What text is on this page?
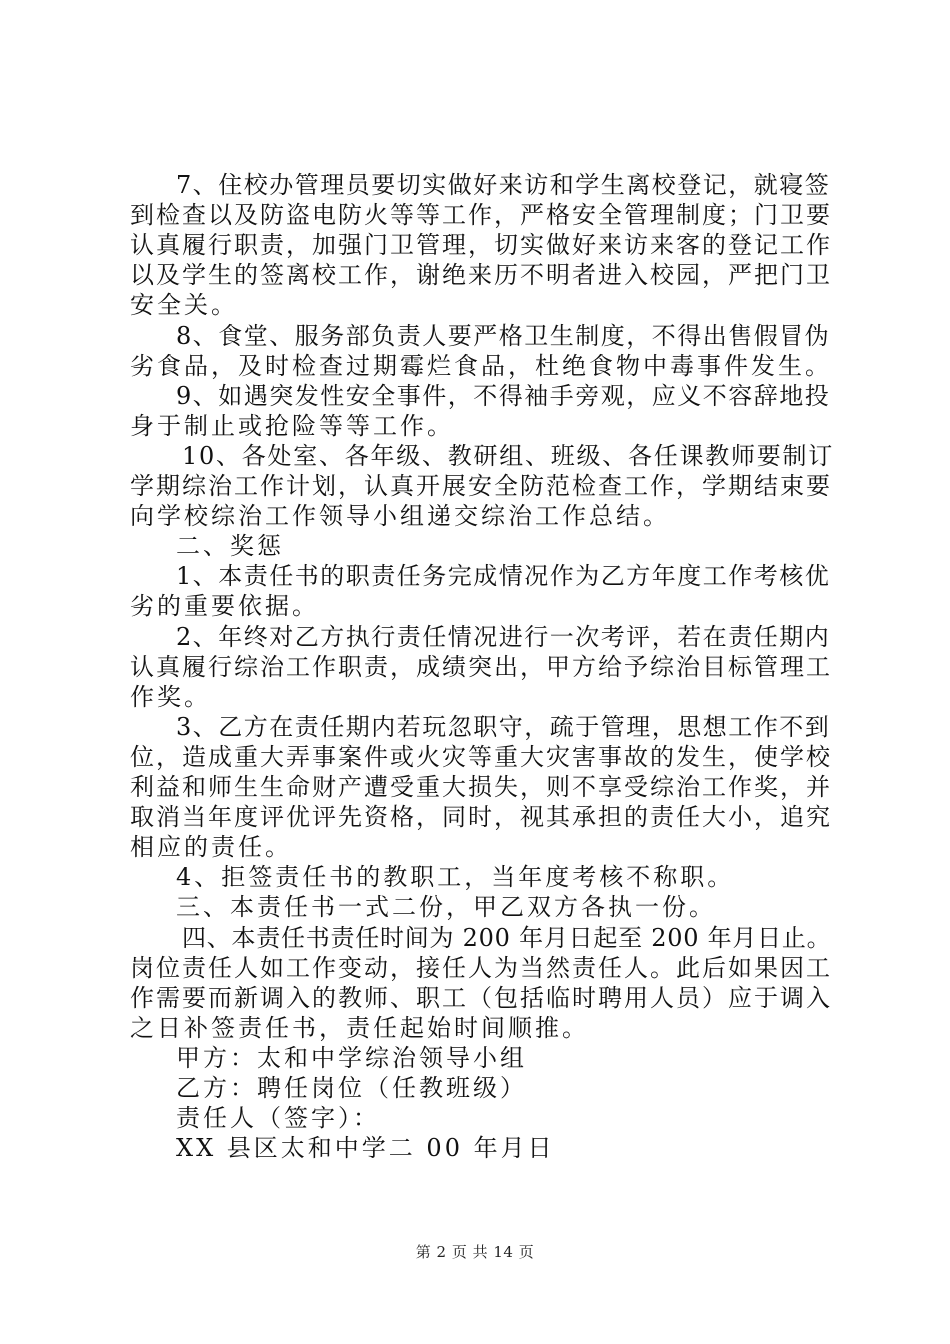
7、住校办管理员要切实做好来访和学生离校登记，就寝签
到检查以及防盗电防火等等工作，严格安全管理制度；门卫要
认真履行职责，加强门卫管理，切实做好来访来客的登记工作
以及学生的签离校工作，谢绝来历不明者进入校园，严把门卫
安全关。
8、食堂、服务部负责人要严格卫生制度，不得出售假冒伪
劣食品，及时检查过期霉烂食品，杜绝食物中毒事件发生。
9、如遇突发性安全事件，不得袖手旁观，应义不容辞地投
身于制止或抢险等等工作。
10、各处室、各年级、教研组、班级、各任课教师要制订
学期综治工作计划，认真开展安全防范检查工作，学期结束要
向学校综治工作领导小组递交综治工作总结。
二、奖惩
1、本责任书的职责任务完成情况作为乙方年度工作考核优
劣的重要依据。
2、年终对乙方执行责任情况进行一次考评，若在责任期内
认真履行综治工作职责，成绩突出，甲方给予综治目标管理工
作奖。
3、乙方在责任期内若玩忽职守，疏于管理，思想工作不到
位，造成重大弄事案件或火灾等重大灾害事故的发生，使学校
利益和师生生命财产遭受重大损失，则不享受综治工作奖，并
取消当年度评优评先资格，同时，视其承担的责任大小，追究
相应的责任。
4、拒签责任书的教职工，当年度考核不称职。
三、本责任书一式二份，甲乙双方各执一份。
四、本责任书责任时间为 200 年月日起至 200 年月日止。
岗位责任人如工作变动，接任人为当然责任人。此后如果因工
作需要而新调入的教师、职工（包括临时聘用人员）应于调入
之日补签责任书，责任起始时间顺推。
甲方：太和中学综治领导小组
第 2 页 共 14 页
乙方：聘任岗位（任教班级）
责任人（签字）：
XX 县区太和中学二 00 年月日
